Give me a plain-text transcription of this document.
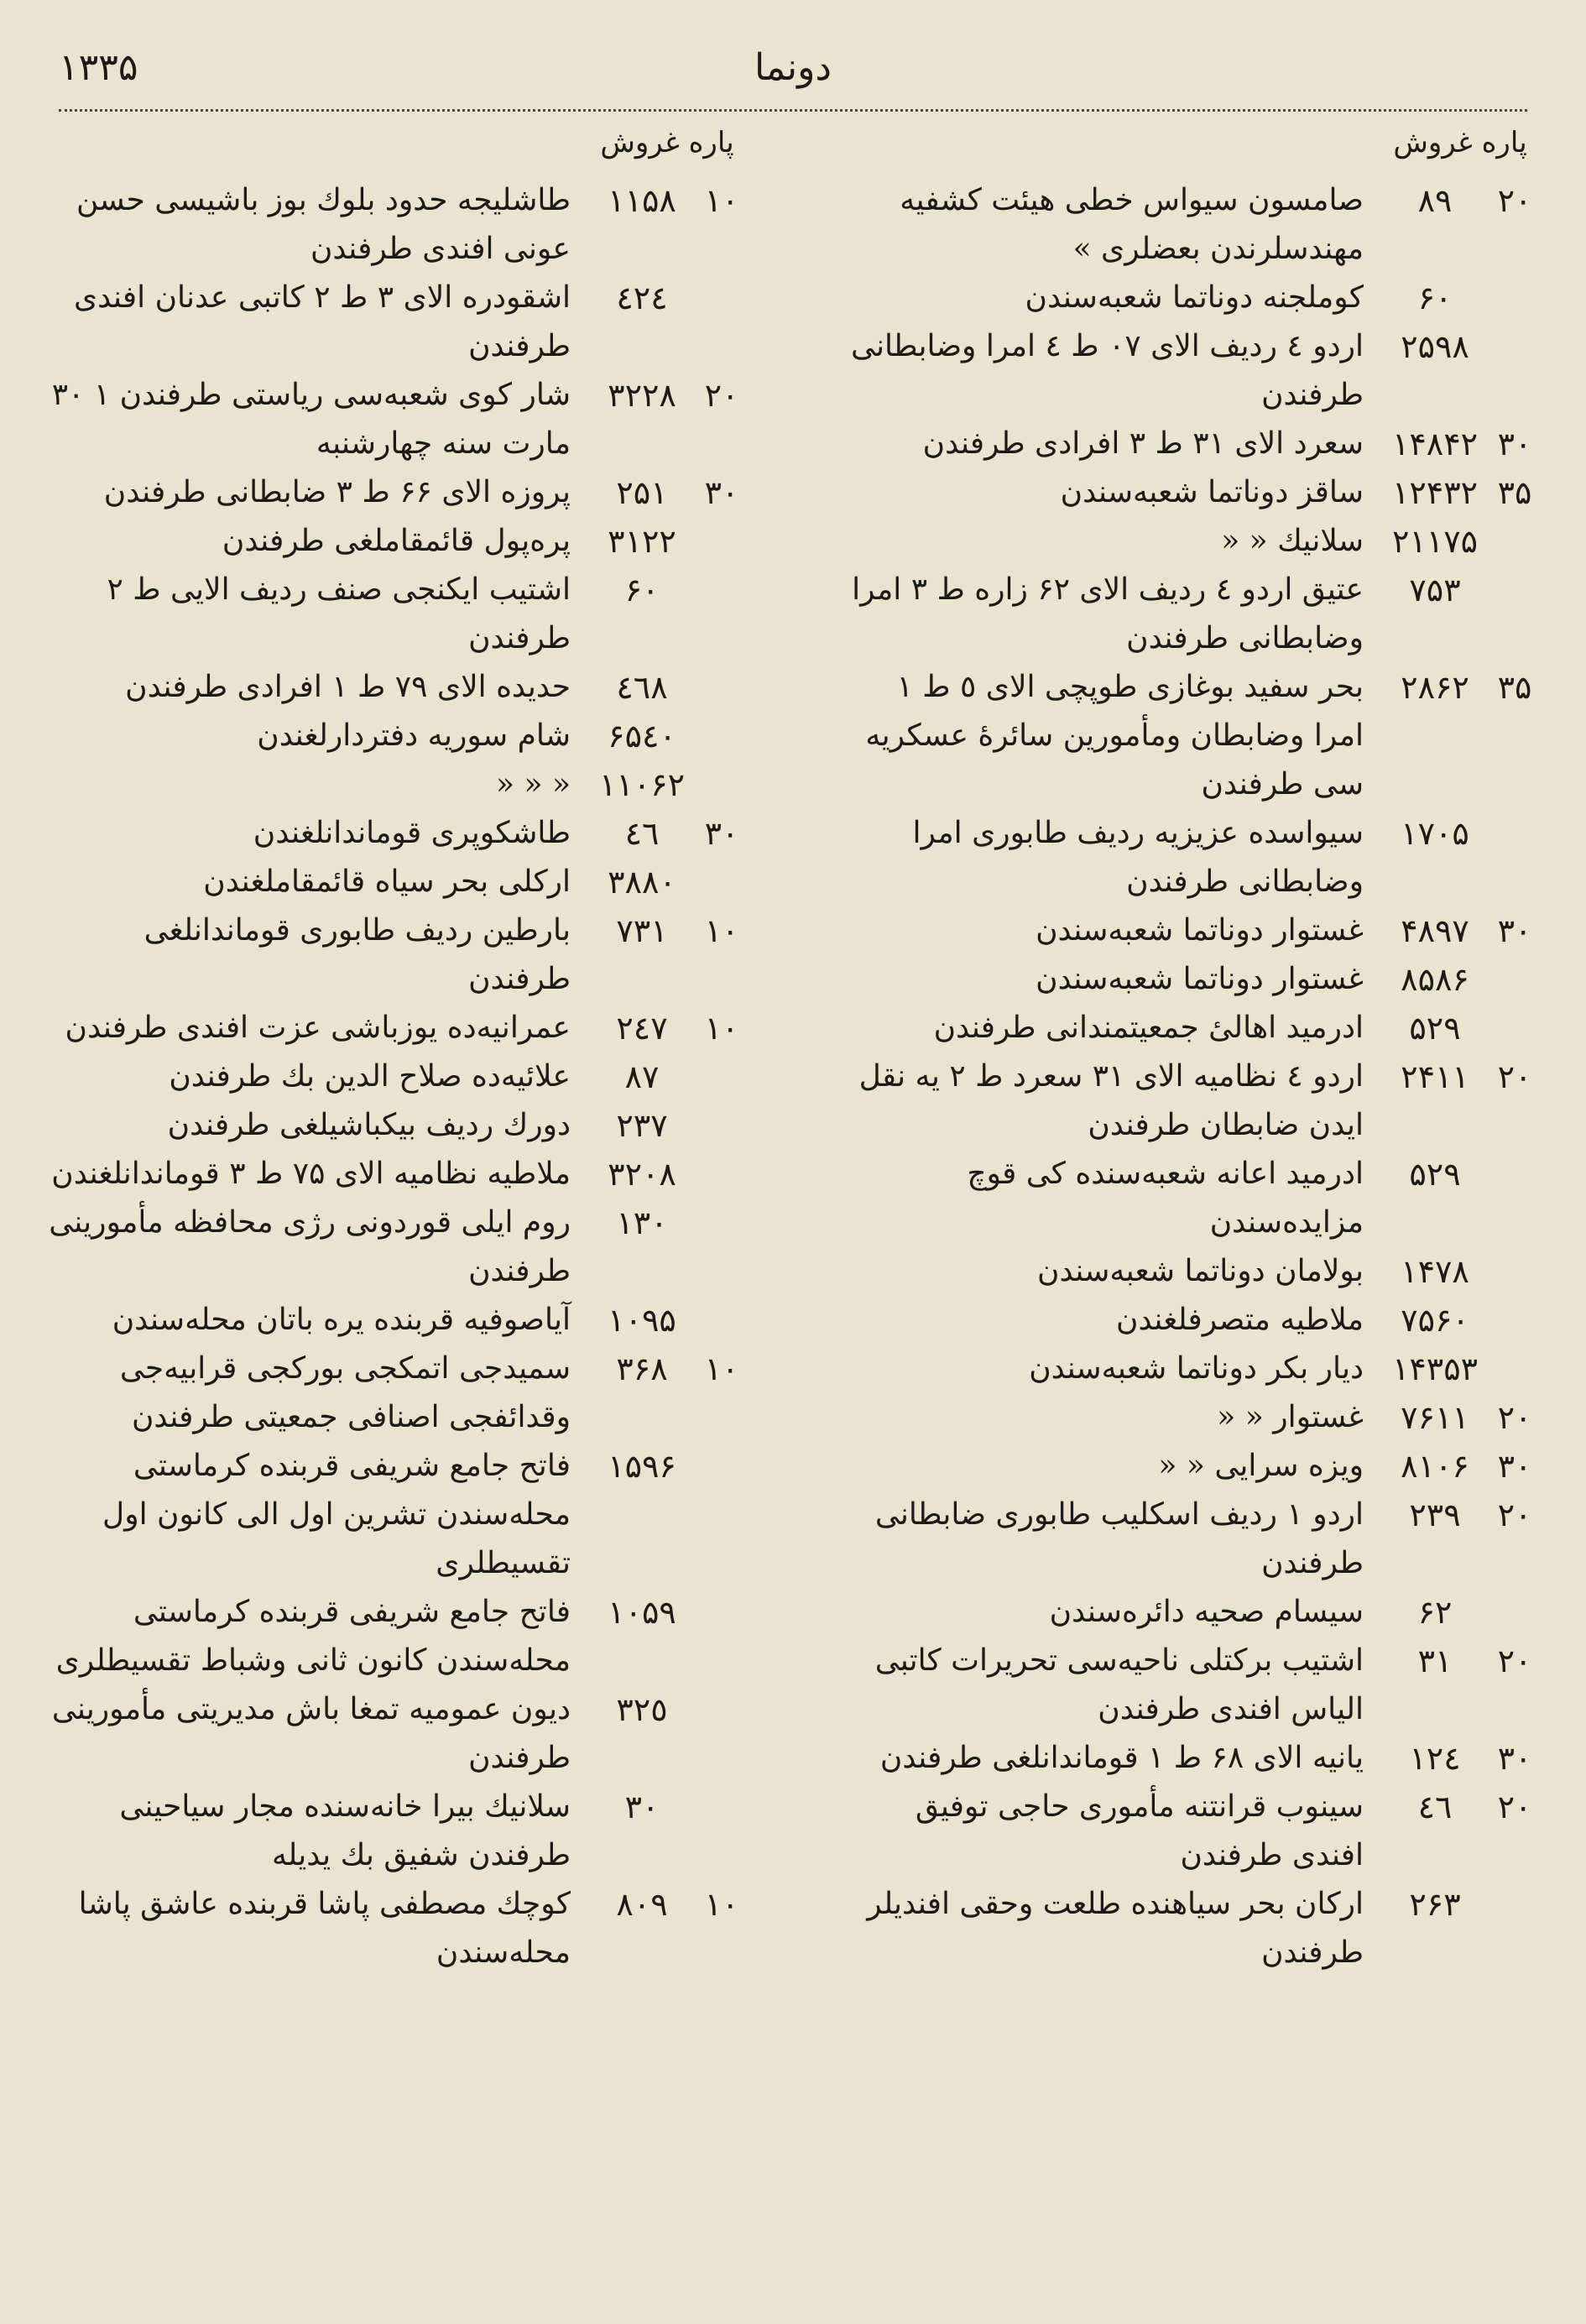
دونما
۱۳۳۵
پاره غروش
۲۰
۸۹
صامسون سیواس خطی هیئت کشفیه مهندسلرندن بعضلری »
۶۰
کوملجنه دوناتما شعبه‌سندن
۲۵۹۸
اردو ٤ ردیف الای ۰۷ ط ٤ امرا وضابطانی طرفندن
۳۰
۱۴۸۴۲
سعرد الای ۳۱ ط ۳ افرادی طرفندن
۳۵
۱۲۴۳۲
ساقز دوناتما شعبه‌سندن
۲۱۱۷۵
سلانیك « «
۷۵۳
عتیق اردو ٤ ردیف الای ۶۲ زاره ط ۳ امرا وضابطانی طرفندن
۳۵
۲۸۶۲
بحر سفید بوغازی طوپچی الای ٥ ط ۱ امرا وضابطان ومأمورین سائرهٔ عسکریه سی طرفندن
۱۷۰۵
سیواسده عزیزیه ردیف طابوری امرا وضابطانی طرفندن
۳۰
۴۸۹۷
غستوار دوناتما شعبه‌سندن
۸۵۸۶
غستوار دوناتما شعبه‌سندن
۵۲۹
ادرمید اهالیٔ جمعیتمندانی طرفندن
۲۰
۲۴۱۱
اردو ٤ نظامیه الای ۳۱ سعرد ط ۲ یه نقل ایدن ضابطان طرفندن
۵۲۹
ادرمید اعانه شعبه‌سنده کی قوچ مزایده‌سندن
۱۴۷۸
بولامان دوناتما شعبه‌سندن
۷۵۶۰
ملاطیه متصرفلغندن
۱۴۳۵۳
دیار بکر دوناتما شعبه‌سندن
۲۰
۷۶۱۱
غستوار « «
۳۰
۸۱۰۶
ویزه سرایی « «
۲۰
۲۳۹
اردو ۱ ردیف اسكلیب طابوری ضابطانی طرفندن
۶۲
سیسام صحیه دائره‌سندن
۲۰
۳۱
اشتیب برکتلی ناحیه‌سی تحریرات كاتبی الیاس افندی طرفندن
۳۰
۱۲٤
یانیه الای ۶۸ ط ۱ قوماندانلغی طرفندن
۲۰
٤٦
سینوب قرانتنه مأموری حاجی توفیق افندی طرفندن
۲۶۳
ارکان بحر سیاهنده طلعت وحقی افندیلر طرفندن
پاره غروش
۱۰
۱۱۵۸
طاشلیجه حدود بلوك بوز باشیسی حسن عونی افندی طرفندن
٤٢٤
اشقودره الای ۳ ط ۲ كاتبی عدنان افندی طرفندن
۲۰
۳۲۲۸
شار کوی شعبه‌سی ریاستی طرفندن ۱ ۳۰ مارت سنه چهارشنبه
۳۰
۲۵۱
پروزه الای ۶۶ ط ۳ ضابطانی طرفندن
۳۱۲۲
پره‌پول قائمقاملغی طرفندن
۶۰
اشتیب ایکنجی صنف ردیف الایی ط ۲ طرفندن
٤٦٨
حدیده الای ۷۹ ط ۱ افرادی طرفندن
۶۵٤۰
شام سوریه دفتردارلغندن
۱۱۰۶۲
« « «
۳۰
٤٦
طاشکوپری قوماندانلغندن
۳۸۸۰
ارکلی بحر سیاه قائمقاملغندن
۱۰
۷۳۱
بارطین ردیف طابوری قوماندانلغی طرفندن
۱۰
۲٤۷
عمرانیه‌ده یوزباشی عزت افندی طرفندن
۸۷
علائیه‌ده صلاح الدین بك طرفندن
۲۳۷
دورك ردیف بیکباشیلغی طرفندن
۳۲۰۸
ملاطیه نظامیه الای ۷۵ ط ۳ قوماندانلغندن
۱۳۰
روم ایلی قوردونی رژی محافظه مأمورینی طرفندن
۱۰۹۵
آیاصوفیه قربنده یره باتان محله‌سندن
۱۰
۳۶۸
سمیدجی اتمكجی بورکجی قرابیه‌جی وقدائفجی اصنافی جمعیتی طرفندن
۱۵۹۶
فاتح جامع شریفی قربنده کرماستی محله‌سندن تشرین اول الی کانون اول تقسیطلری
۱۰۵۹
فاتح جامع شریفی قربنده کرماستی محله‌سندن کانون ثانی وشباط تقسیطلری
۳۲٥
دیون عمومیه تمغا باش مدیریتی مأمورینی طرفندن
۳۰
سلانیك بیرا خانه‌سنده مجار سیاحینی طرفندن شفیق بك یدیله
۱۰
۸۰۹
کوچك مصطفی پاشا قربنده عاشق پاشا محله‌سندن
